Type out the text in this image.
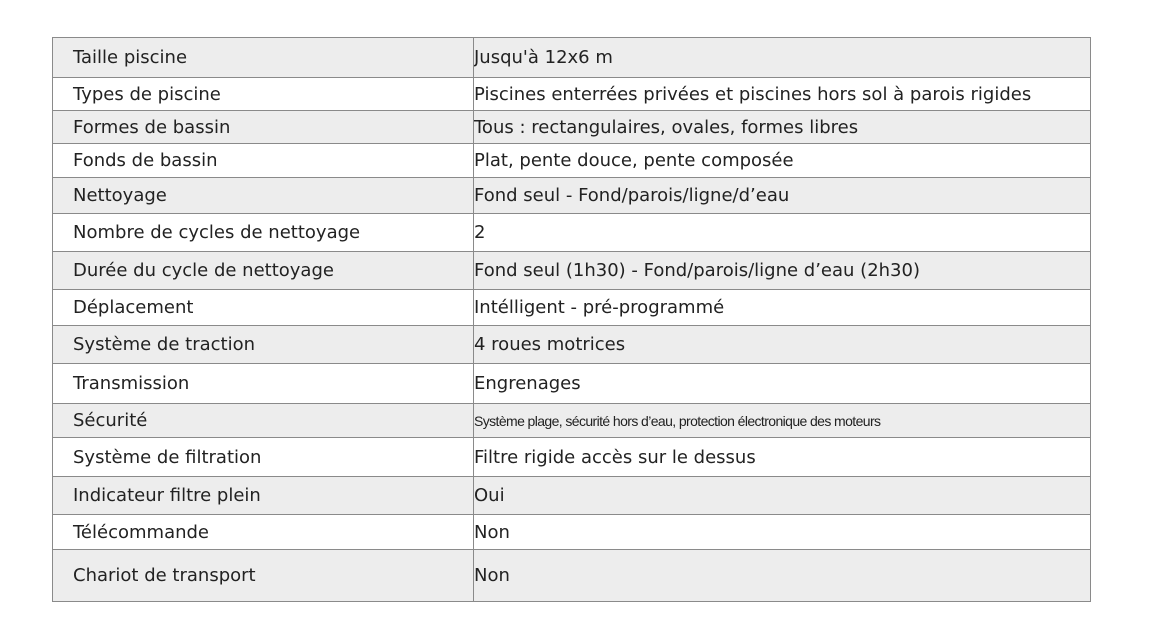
Taille piscine	Jusqu'à 12x6 m
Types de piscine	Piscines enterrées privées et piscines hors sol à parois rigides
Formes de bassin	Tous : rectangulaires, ovales, formes libres
Fonds de bassin	Plat, pente douce, pente composée
Nettoyage	Fond seul - Fond/parois/ligne/d’eau
Nombre de cycles de nettoyage	2
Durée du cycle de nettoyage	Fond seul (1h30) - Fond/parois/ligne d’eau (2h30)
Déplacement	Intélligent - pré-programmé
Système de traction	4 roues motrices
Transmission	Engrenages
Sécurité	Système plage, sécurité hors d’eau, protection électronique des moteurs
Système de filtration	Filtre rigide accès sur le dessus
Indicateur filtre plein	Oui
Télécommande	Non
Chariot de transport	Non
